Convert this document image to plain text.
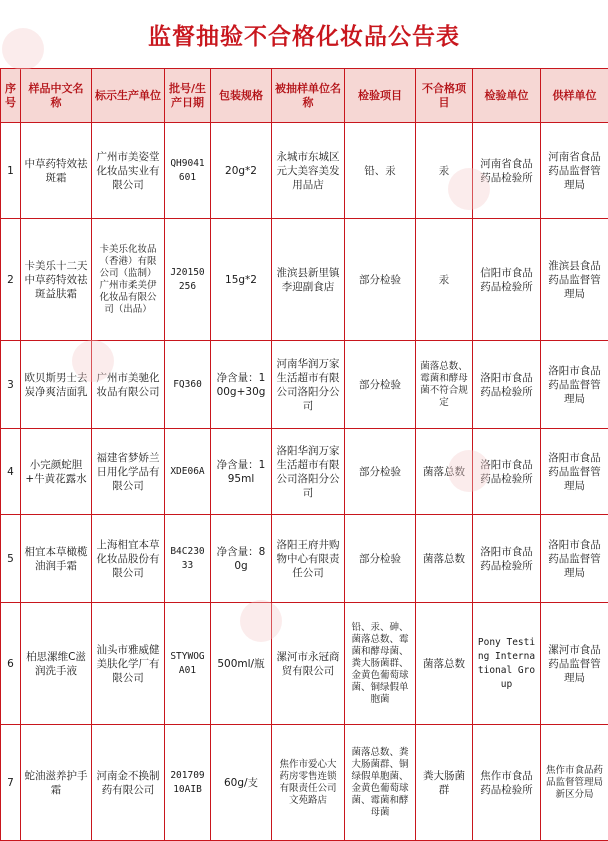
监督抽验不合格化妆品公告表
序号	样品中文名称	标示生产单位	批号/生产日期	包装规格	被抽样单位名称	检验项目	不合格项目	检验单位	供样单位
1	中草药特效祛斑霜	广州市美姿堂化妆品实业有限公司	QH9041601	20g*2	永城市东城区元大美容美发用品店	铅、汞	汞	河南省食品药品检验所	河南省食品药品监督管理局
2	卡美乐十二天中草药特效祛斑益肤霜	卡美乐化妆品（香港）有限公司（监制）广州市柔美伊化妆品有限公司（出品）	J20150256	15g*2	淮滨县新里镇李迎副食店	部分检验	汞	信阳市食品药品检验所	淮滨县食品药品监督管理局
3	欧贝斯男士去炭净爽洁面乳	广州市美驰化妆品有限公司	FQ360	净含量：100g+30g	河南华润万家生活超市有限公司洛阳分公司	部分检验	菌落总数、霉菌和酵母菌不符合规定	洛阳市食品药品检验所	洛阳市食品药品监督管理局
4	小完颜蛇胆+牛黄花露水	福建省梦娇兰日用化学品有限公司	XDE06A	净含量：195ml	洛阳华润万家生活超市有限公司洛阳分公司	部分检验	菌落总数	洛阳市食品药品检验所	洛阳市食品药品监督管理局
5	相宜本草橄榄油润手霜	上海相宜本草化妆品股份有限公司	B4C23033	净含量：80g	洛阳王府井购物中心有限责任公司	部分检验	菌落总数	洛阳市食品药品检验所	洛阳市食品药品监督管理局
6	柏思漯维C滋润洗手液	汕头市雅威健美肤化学厂有限公司	STYWOGA01	500ml/瓶	漯河市永冠商贸有限公司	铅、汞、砷、菌落总数、霉菌和酵母菌、粪大肠菌群、金黄色葡萄球菌、铜绿假单胞菌	菌落总数	Pony Testing International Group	漯河市食品药品监督管理局
7	蛇油滋养护手霜	河南金不换制药有限公司	201709 10AIB	60g/支	焦作市爱心大药房零售连锁有限责任公司文苑路店	菌落总数、粪大肠菌群、铜绿假单胞菌、金黄色葡萄球菌、霉菌和酵母菌	粪大肠菌群	焦作市食品药品检验所	焦作市食品药品监督管理局新区分局
